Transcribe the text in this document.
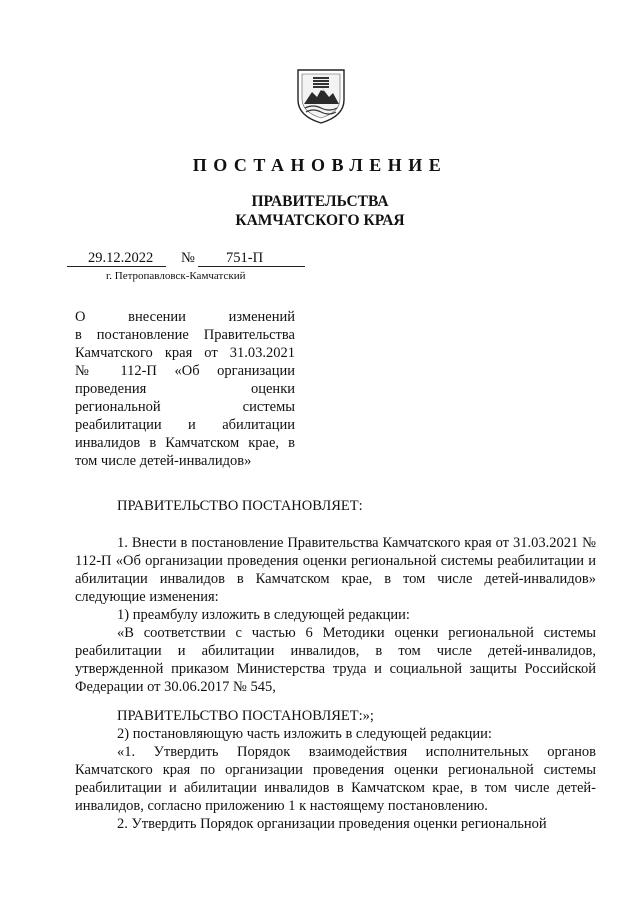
ПОСТАНОВЛЕНИЕ
ПРАВИТЕЛЬСТВА
КАМЧАТСКОГО КРАЯ
29.12.2022 № 751-П
г. Петропавловск-Камчатский
О внесении изменений
в постановление Правительства
Камчатского края от 31.03.2021
№ 112-П «Об организации
проведения оценки
региональной системы
реабилитации и абилитации
инвалидов в Камчатском крае, в
том числе детей-инвалидов»

ПРАВИТЕЛЬСТВО ПОСТАНОВЛЯЕТ:

1. Внести в постановление Правительства Камчатского края от 31.03.2021 № 112-П «Об организации проведения оценки региональной системы реабилитации и абилитации инвалидов в Камчатском крае, в том числе детей-инвалидов» следующие изменения:

1) преамбулу изложить в следующей редакции:

«В соответствии с частью 6 Методики оценки региональной системы реабилитации и абилитации инвалидов, в том числе детей-инвалидов, утвержденной приказом Министерства труда и социальной защиты Российской Федерации от 30.06.2017 № 545,

ПРАВИТЕЛЬСТВО ПОСТАНОВЛЯЕТ:»;

2) постановляющую часть изложить в следующей редакции:

«1. Утвердить Порядок взаимодействия исполнительных органов Камчатского края по организации проведения оценки региональной системы реабилитации и абилитации инвалидов в Камчатском крае, в том числе детей-инвалидов, согласно приложению 1 к настоящему постановлению.

2. Утвердить Порядок организации проведения оценки региональной
